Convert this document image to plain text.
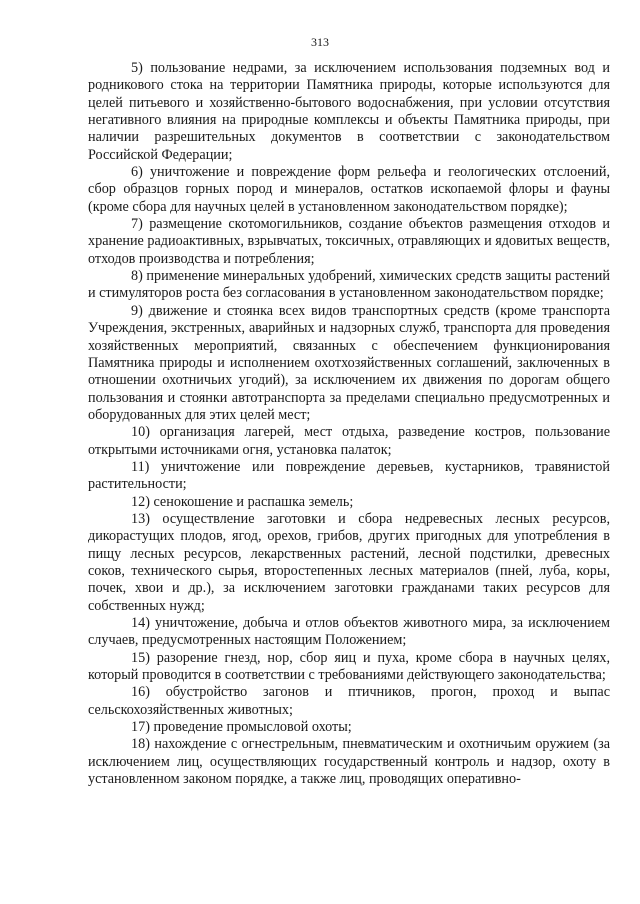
313

5) пользование недрами, за исключением использования подземных вод и родникового стока на территории Памятника природы, которые используются для целей питьевого и хозяйственно-бытового водоснабжения, при условии отсутствия негативного влияния на природные комплексы и объекты Памятника природы, при наличии разрешительных документов в соответствии с законодательством Российской Федерации;

6) уничтожение и повреждение форм рельефа и геологических отслоений, сбор образцов горных пород и минералов, остатков ископаемой флоры и фауны (кроме сбора для научных целей в установленном законодательством порядке);

7) размещение скотомогильников, создание объектов размещения отходов и хранение радиоактивных, взрывчатых, токсичных, отравляющих и ядовитых веществ, отходов производства и потребления;

8) применение минеральных удобрений, химических средств защиты растений и стимуляторов роста без согласования в установленном законодательством порядке;

9) движение и стоянка всех видов транспортных средств (кроме транспорта Учреждения, экстренных, аварийных и надзорных служб, транспорта для проведения хозяйственных мероприятий, связанных с обеспечением функционирования Памятника природы и исполнением охотхозяйственных соглашений, заключенных в отношении охотничьих угодий), за исключением их движения по дорогам общего пользования и стоянки автотранспорта за пределами специально предусмотренных и оборудованных для этих целей мест;

10) организация лагерей, мест отдыха, разведение костров, пользование открытыми источниками огня, установка палаток;

11) уничтожение или повреждение деревьев, кустарников, травянистой растительности;

12) сенокошение и распашка земель;

13) осуществление заготовки и сбора недревесных лесных ресурсов, дикорастущих плодов, ягод, орехов, грибов, других пригодных для употребления в пищу лесных ресурсов, лекарственных растений, лесной подстилки, древесных соков, технического сырья, второстепенных лесных материалов (пней, луба, коры, почек, хвои и др.), за исключением заготовки гражданами таких ресурсов для собственных нужд;

14) уничтожение, добыча и отлов объектов животного мира, за исключением случаев, предусмотренных настоящим Положением;

15) разорение гнезд, нор, сбор яиц и пуха, кроме сбора в научных целях, который проводится в соответствии с требованиями действующего законодательства;

16) обустройство загонов и птичников, прогон, проход и выпас сельскохозяйственных животных;

17) проведение промысловой охоты;

18) нахождение с огнестрельным, пневматическим и охотничьим оружием (за исключением лиц, осуществляющих государственный контроль и надзор, охоту в установленном законом порядке, а также лиц, проводящих оперативно-
